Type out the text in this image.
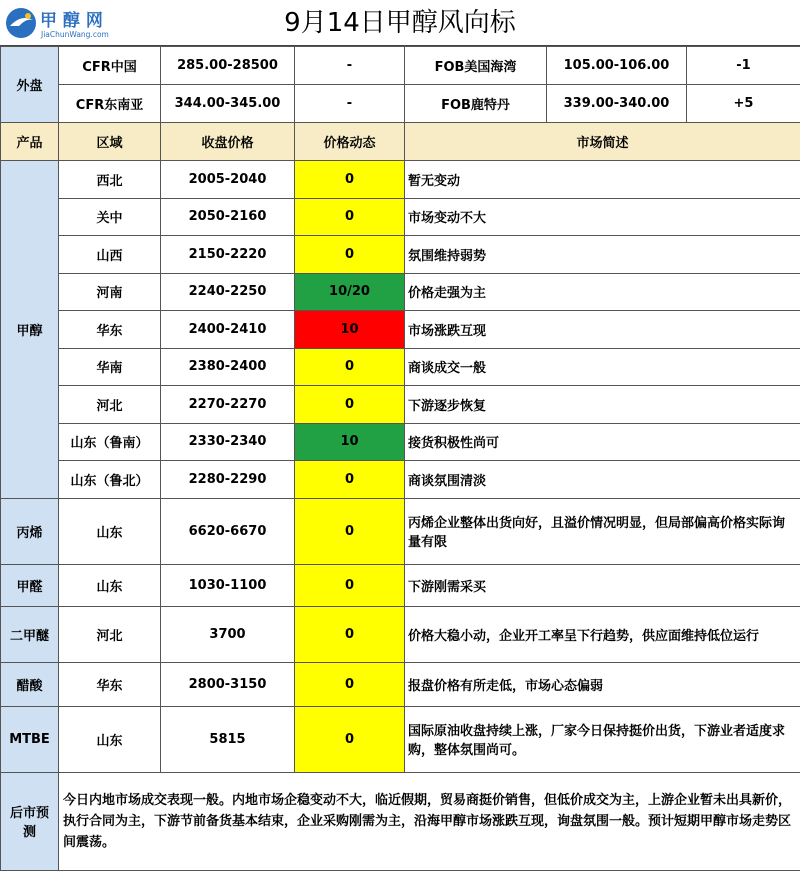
甲 醇 网
JiaChunWang.com	9月14日甲醇风向标
外盘	CFR中国	285.00-28500	-	FOB美国海湾	105.00-106.00	-1
	CFR东南亚	344.00-345.00	-	FOB鹿特丹	339.00-340.00	+5
产品	区域	收盘价格	价格动态	市场简述		
甲醇	西北	2005-2040	0	暂无变动		
	关中	2050-2160	0	市场变动不大		
	山西	2150-2220	0	氛围维持弱势		
	河南	2240-2250	10/20	价格走强为主		
	华东	2400-2410	10	市场涨跌互现		
	华南	2380-2400	0	商谈成交一般		
	河北	2270-2270	0	下游逐步恢复		
	山东（鲁南）	2330-2340	10	接货积极性尚可		
	山东（鲁北）	2280-2290	0	商谈氛围清淡		
丙烯	山东	6620-6670	0	丙烯企业整体出货向好，且溢价情况明显，但局部偏高价格实际询量有限		
甲醛	山东	1030-1100	0	下游刚需采买		
二甲醚	河北	3700	0	价格大稳小动，企业开工率呈下行趋势，供应面维持低位运行		
醋酸	华东	2800-3150	0	报盘价格有所走低，市场心态偏弱		
MTBE	山东	5815	0	国际原油收盘持续上涨，厂家今日保持挺价出货，下游业者适度求购，整体氛围尚可。		
后市预测	今日内地市场成交表现一般。内地市场企稳变动不大，临近假期，贸易商挺价销售，但低价成交为主，上游企业暂未出具新价，执行合同为主，下游节前备货基本结束，企业采购刚需为主，沿海甲醇市场涨跌互现，询盘氛围一般。预计短期甲醇市场走势区间震荡。					
